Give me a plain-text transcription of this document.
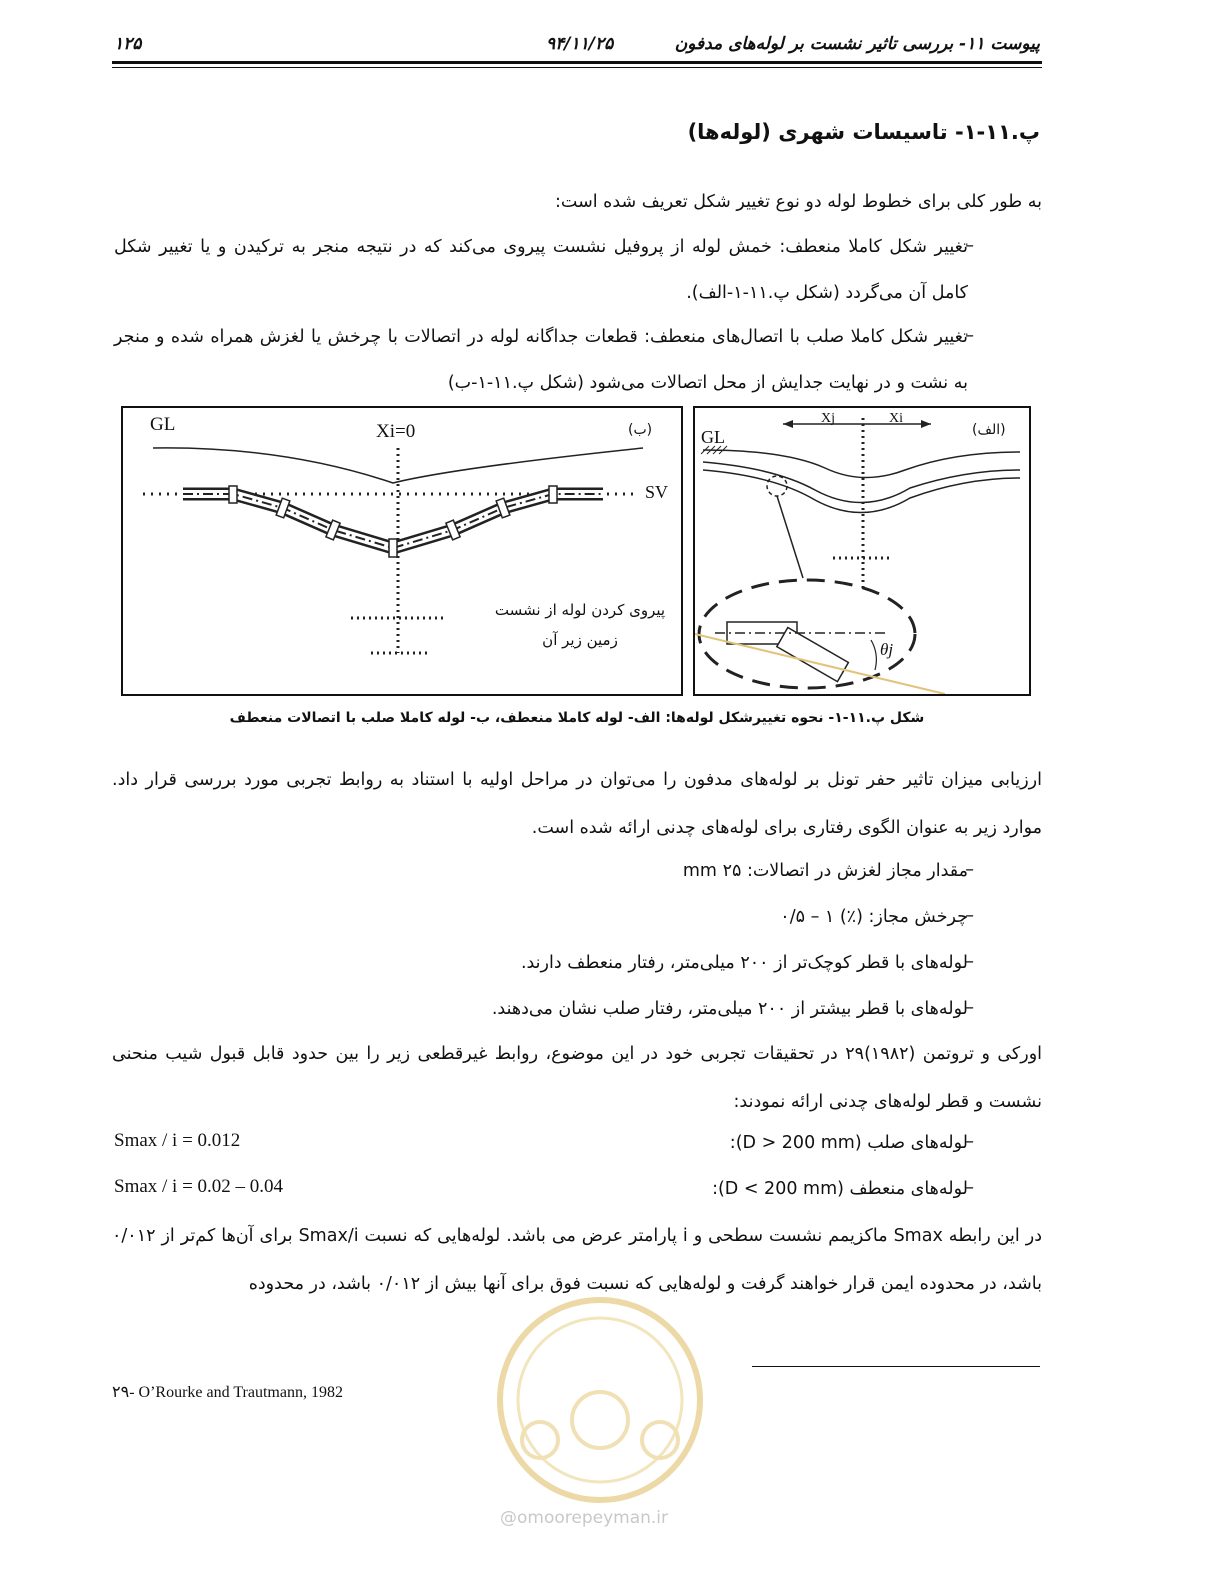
۱۲۵	۹۴/۱۱/۲۵	پیوست ۱۱- بررسی تاثیر نشست بر لوله‌های مدفون
پ.۱۱-۱- تاسیسات شهری (لوله‌ها)
به طور کلی برای خطوط لوله دو نوع تغییر شکل تعریف شده است:
–
تغییر شکل کاملا منعطف: خمش لوله از پروفیل نشست پیروی می‌کند که در نتیجه منجر به ترکیدن و یا تغییر شکل کامل آن می‌گردد (شکل پ.۱۱-۱-الف).
–
تغییر شکل کاملا صلب با اتصال‌های منعطف: قطعات جداگانه لوله در اتصالات با چرخش یا لغزش همراه شده و منجر به نشت و در نهایت جدایش از محل اتصالات می‌شود (شکل پ.۱۱-۱-ب)
GL	Xi=0	(ب)
SV
پیروی کردن لوله از نشست
زمین زیر آن
GL
Xj	Xi
(الف)
θj
شکل پ.۱۱-۱- نحوه تغییرشکل لوله‌ها: الف- لوله کاملا منعطف، ب- لوله کاملا صلب با اتصالات منعطف
ارزیابی میزان تاثیر حفر تونل بر لوله‌های مدفون را می‌توان در مراحل اولیه با استناد به روابط تجربی مورد بررسی قرار داد. موارد زیر به عنوان الگوی رفتاری برای لوله‌های چدنی ارائه شده است.
–
مقدار مجاز لغزش در اتصالات: ۲۵ mm
–
چرخش مجاز: (٪) ۱ – ۰/۵
–
لوله‌های با قطر کوچک‌تر از ۲۰۰ میلی‌متر، رفتار منعطف دارند.
–
لوله‌های با قطر بیشتر از ۲۰۰ میلی‌متر، رفتار صلب نشان می‌دهند.
اورکی و تروتمن (۱۹۸۲)۲۹ در تحقیقات تجربی خود در این موضوع، روابط غیرقطعی زیر را بین حدود قابل قبول شیب منحنی نشست و قطر لوله‌های چدنی ارائه نمودند:
–
لوله‌های صلب (D > 200 mm):
Smax / i = 0.012
–
لوله‌های منعطف (D < 200 mm):
Smax / i = 0.02 – 0.04
در این رابطه Smax ماکزیمم نشست سطحی و i پارامتر عرض می باشد. لوله‌هایی که نسبت Smax/i برای آن‌ها کم‌تر از ۰/۰۱۲ باشد، در محدوده ایمن قرار خواهند گرفت و لوله‌هایی که نسبت فوق برای آنها بیش از ۰/۰۱۲ باشد، در محدوده
۲۹- O’Rourke and Trautmann, 1982
@omoorepeyman.ir
